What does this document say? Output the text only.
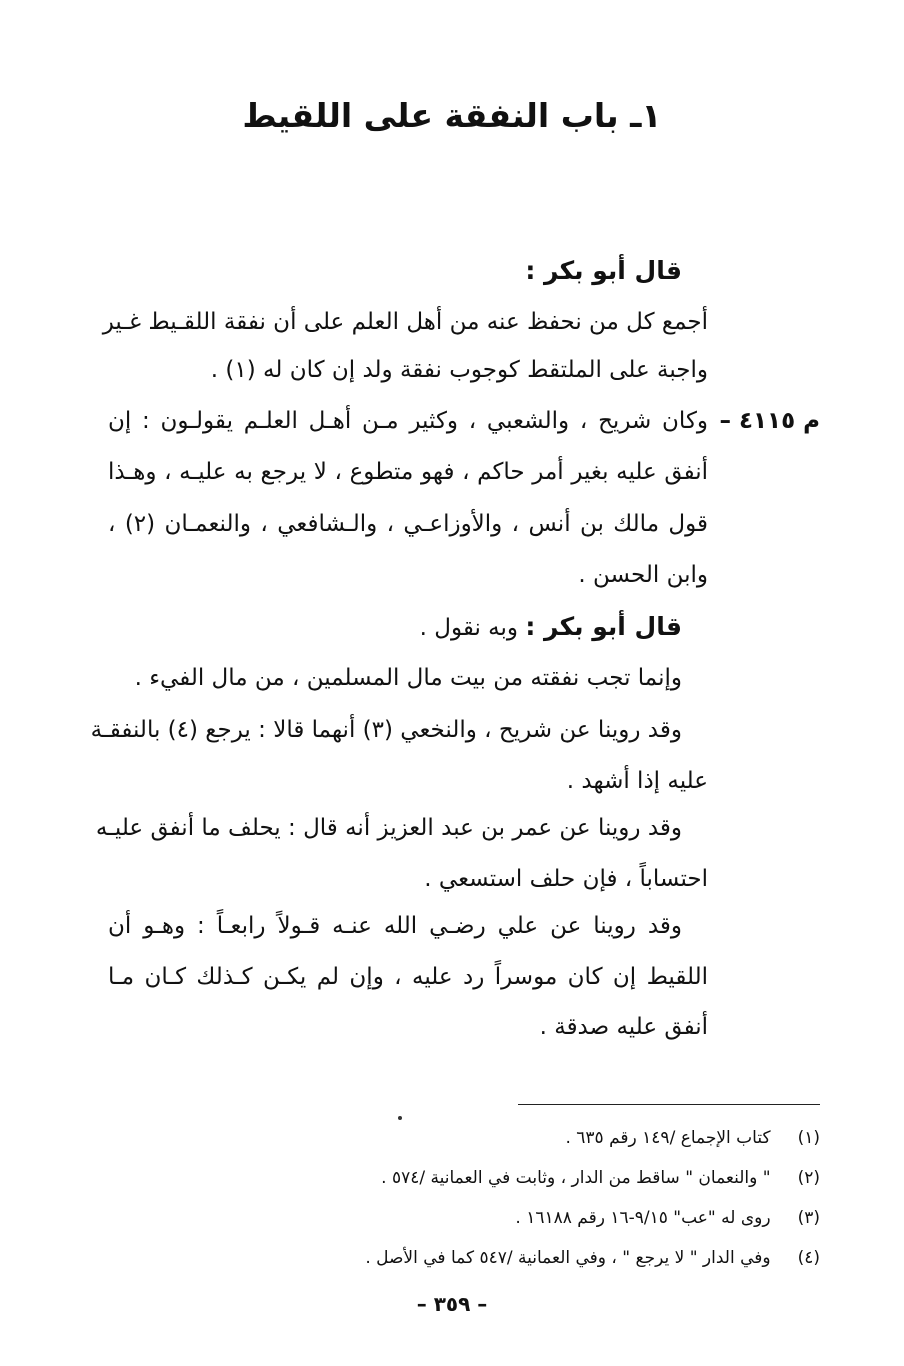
١ـ باب النفقة على اللقيط
قال أبو بكر :
أجمع كل من نحفظ عنه من أهل العلم على أن نفقة اللقـيط غـير
واجبة على الملتقط كوجوب نفقة ولد إن كان له (١) .
م ٤١١٥ –
وكان شريح ، والشعبي ، وكثير مـن أهـل العلـم يقولـون : إن
أنفق عليه بغير أمر حاكم ، فهو متطوع ، لا يرجع به عليـه ، وهـذا
قول مالك بن أنس ، والأوزاعـي ، والـشافعي ، والنعمـان (٢) ،
وابن الحسن .
قال أبو بكر : وبه نقول .
وإنما تجب نفقته من بيت مال المسلمين ، من مال الفيء .
وقد روينا عن شريح ، والنخعي (٣) أنهما قالا : يرجع (٤) بالنفقـة
عليه إذا أشهد .
وقد روينا عن عمر بن عبد العزيز أنه قال : يحلف ما أنفق عليـه
احتساباً ، فإن حلف استسعي .
وقد روينا عن علي رضـي الله عنـه قـولاً رابعـاً : وهـو أن
اللقيط إن كان موسراً رد عليه ، وإن لم يكـن كـذلك كـان مـا
أنفق عليه صدقة .
(١) كتاب الإجماع /١٤٩ رقم ٦٣٥ .
(٢) " والنعمان " ساقط من الدار ، وثابت في العمانية /٥٧٤ .
(٣) روى له "عب" ٩/١٥-١٦ رقم ١٦١٨٨ .
(٤) وفي الدار " لا يرجع " ، وفي العمانية /٥٤٧ كما في الأصل .
– ٣٥٩ –
